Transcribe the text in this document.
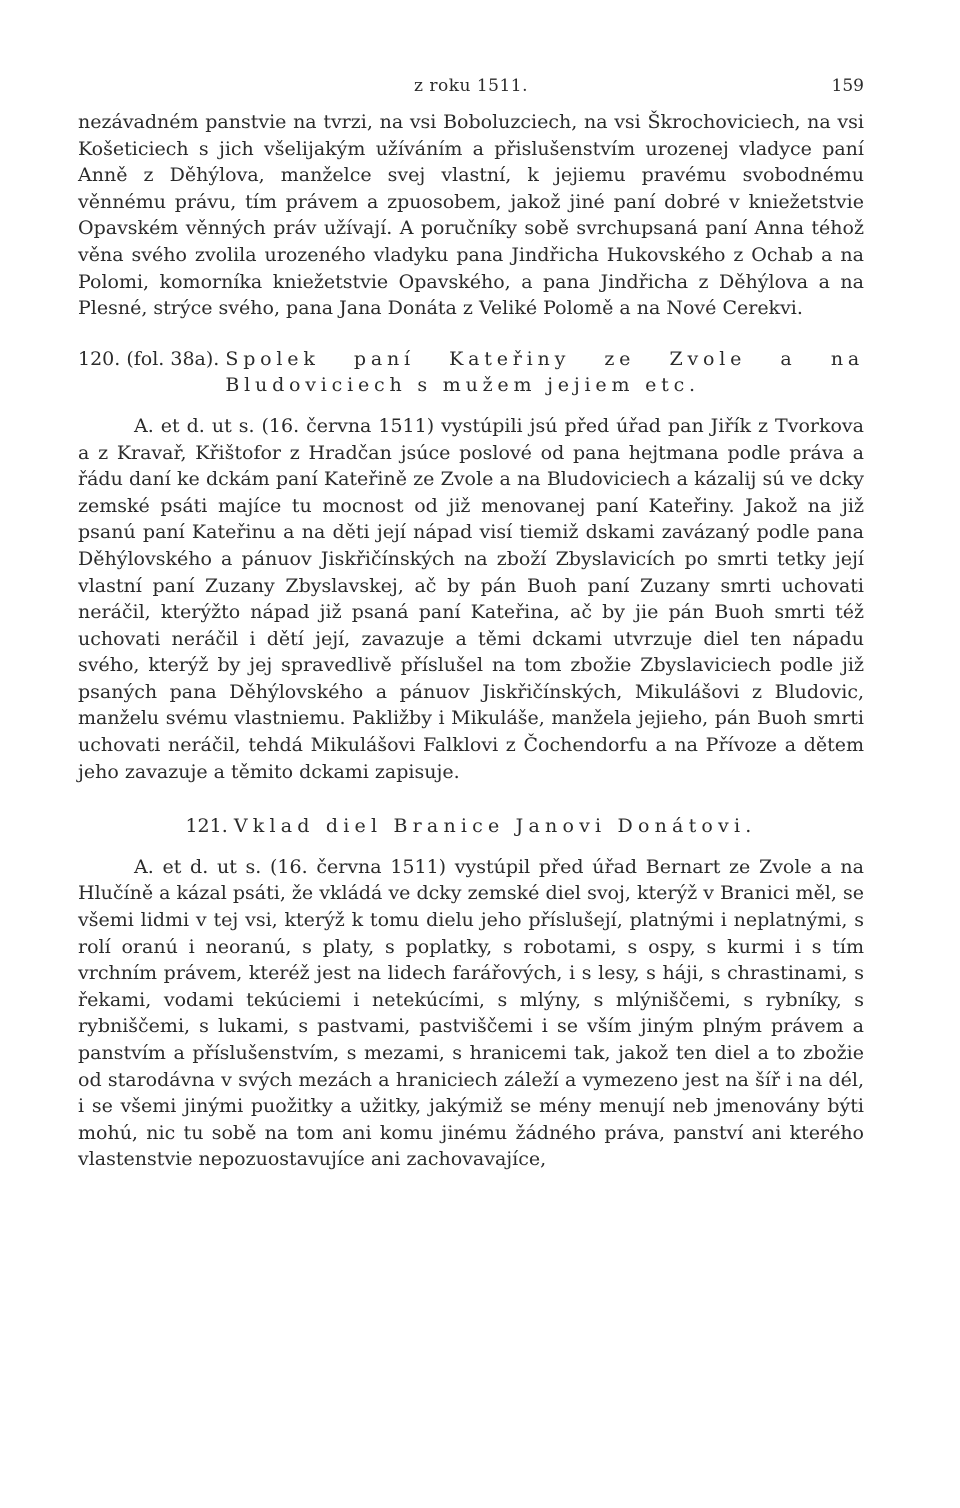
z roku 1511.	159

nezávadném panstvie na tvrzi, na vsi Boboluzciech, na vsi Škrochoviciech, na vsi Košeticiech s jich všelijakým užíváním a přislušenstvím urozenej vladyce paní Anně z Děhýlova, manželce svej vlastní, k jejiemu pravému svobodnému věnnému právu, tím právem a zpuosobem, jakož jiné paní dobré v kniežetstvie Opavském věnných práv užívají. A poručníky sobě svrchupsaná paní Anna téhož věna svého zvolila urozeného vladyku pana Jindřicha Hukovského z Ochab a na Polomi, komorníka kniežetstvie Opavského, a pana Jindřicha z Děhýlova a na Plesné, strýce svého, pana Jana Donáta z Veliké Polomě a na Nové Cerekvi.

120. (fol. 38a). Spolek paní Kateřiny ze Zvole a na Bludoviciech s mužem jejiem etc.

A. et d. ut s. (16. června 1511) vystúpili jsú před úřad pan Jiřík z Tvorkova a z Kravař, Křištofor z Hradčan jsúce poslové od pana hejtmana podle práva a řádu daní ke dckám paní Kateřině ze Zvole a na Bludoviciech a kázalij sú ve dcky zemské psáti majíce tu mocnost od již menovanej paní Kateřiny. Jakož na již psanú paní Kateřinu a na děti její nápad visí tiemiž dskami zavázaný podle pana Děhýlovského a pánuov Jiskřičínských na zboží Zbyslavicích po smrti tetky její vlastní paní Zuzany Zbyslavskej, ač by pán Buoh paní Zuzany smrti uchovati neráčil, kterýžto nápad již psaná paní Kateřina, ač by jie pán Buoh smrti též uchovati neráčil i dětí její, zavazuje a těmi dckami utvrzuje diel ten nápadu svého, kterýž by jej spravedlivě příslušel na tom zbožie Zbyslaviciech podle již psaných pana Děhýlovského a pánuov Jiskřičínských, Mikulášovi z Bludovic, manželu svému vlastniemu. Pakližby i Mikuláše, manžela jejieho, pán Buoh smrti uchovati neráčil, tehdá Mikulášovi Falklovi z Čochendorfu a na Přívoze a dětem jeho zavazuje a těmito dckami zapisuje.

121. Vklad diel Branice Janovi Donátovi.

A. et d. ut s. (16. června 1511) vystúpil před úřad Bernart ze Zvole a na Hlučíně a kázal psáti, že vkládá ve dcky zemské diel svoj, kterýž v Branici měl, se všemi lidmi v tej vsi, kterýž k tomu dielu jeho příslušejí, platnými i neplatnými, s rolí oranú i neoranú, s platy, s poplatky, s robotami, s ospy, s kurmi i s tím vrchním právem, kteréž jest na lidech farářových, i s lesy, s háji, s chrastinami, s řekami, vodami tekúciemi i netekúcími, s mlýny, s mlýniščemi, s rybníky, s rybniščemi, s lukami, s pastvami, pastviščemi i se vším jiným plným právem a panstvím a příslušenstvím, s mezami, s hranicemi tak, jakož ten diel a to zbožie od starodávna v svých mezách a hraniciech záleží a vymezeno jest na šíř i na dél, i se všemi jinými puožitky a užitky, jakýmiž se mény menují neb jmenovány býti mohú, nic tu sobě na tom ani komu jinému žádného práva, panství ani kterého vlastenstvie nepozuostavujíce ani zachovavajíce,
